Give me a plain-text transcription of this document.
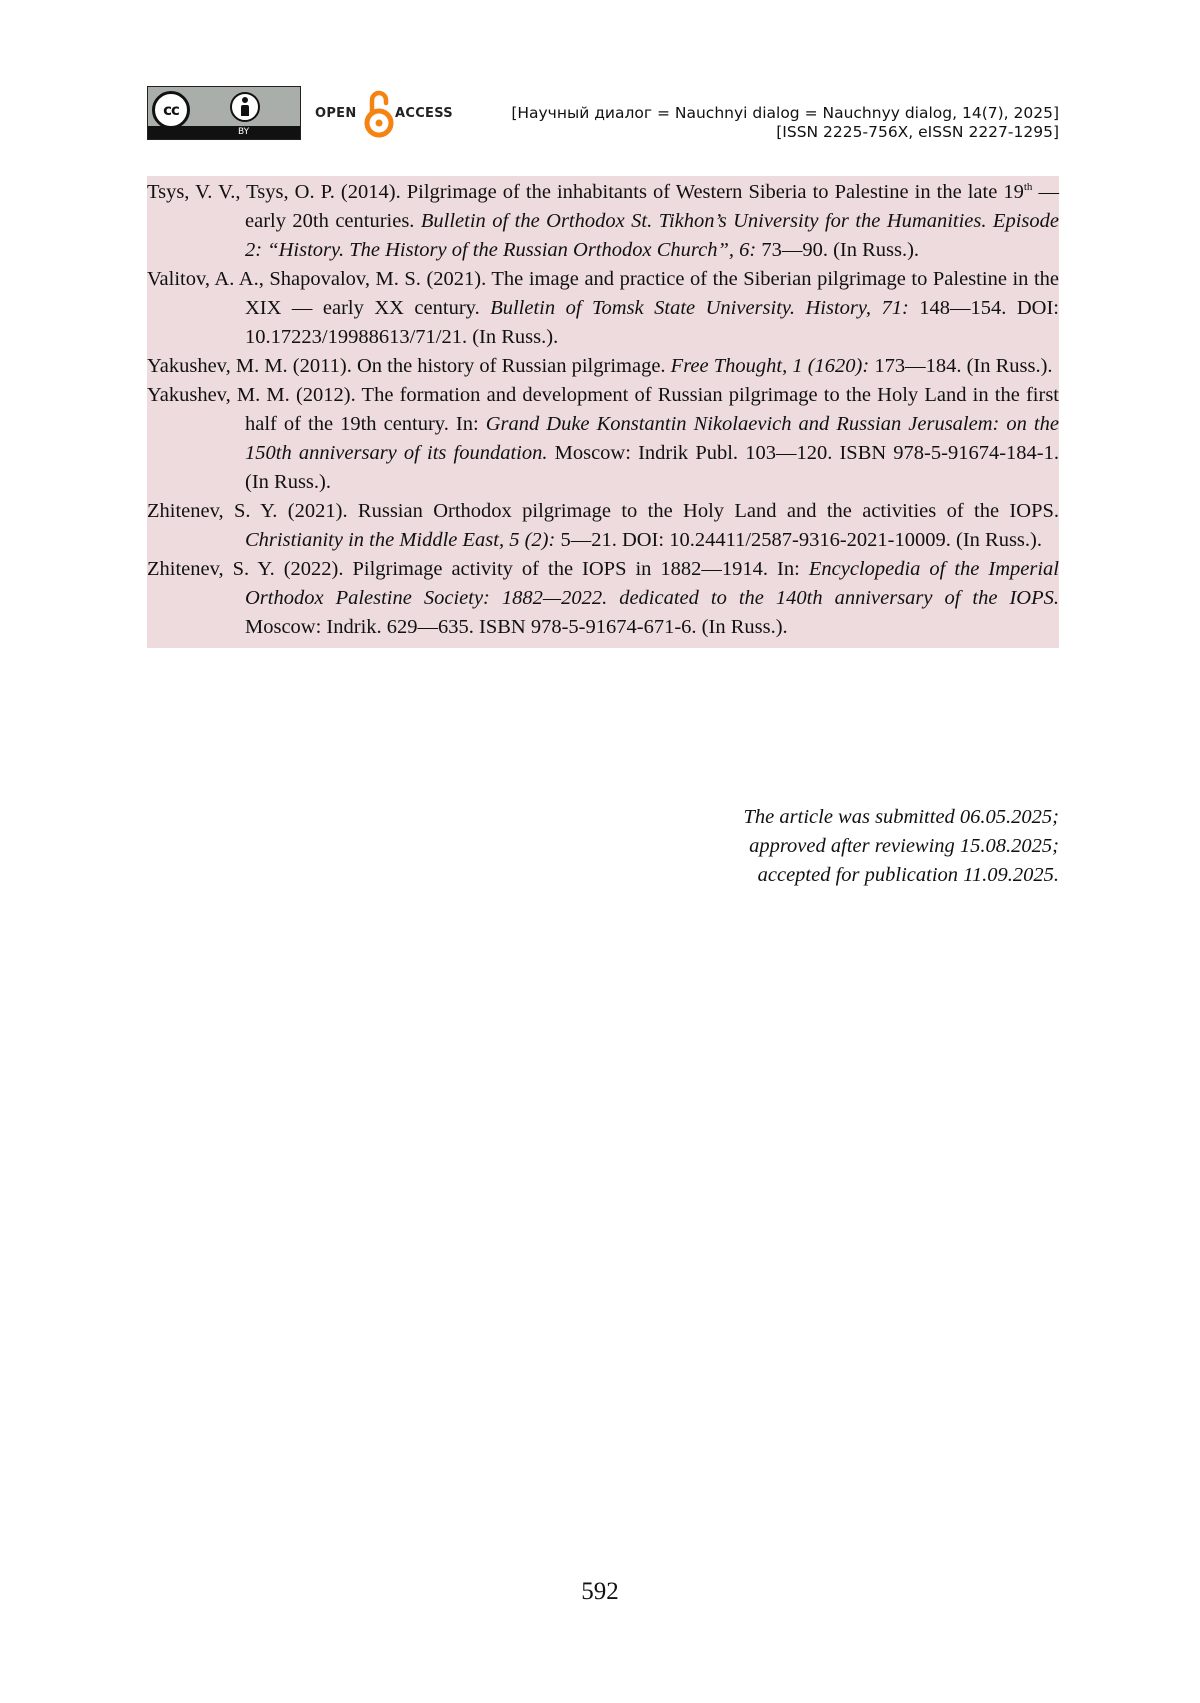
cc
BY
OPEN	ACCESS	[Научный диалог = Nauchnyi dialog = Nauchnyy dialog, 14(7), 2025]
[ISSN 2225-756X, eISSN 2227-1295]
Tsys, V. V., Tsys, O. P. (2014). Pilgrimage of the inhabitants of Western Siberia to Palestine in the late 19th — early 20th centuries. Bulletin of the Orthodox St. Tikhon’s University for the Humanities. Episode 2: “History. The History of the Russian Orthodox Church”, 6: 73—90. (In Russ.).
Valitov, A. A., Shapovalov, M. S. (2021). The image and practice of the Siberian pilgrimage to Palestine in the XIX — early XX century. Bulletin of Tomsk State University. History, 71: 148—154. DOI: 10.17223/19988613/71/21. (In Russ.).
Yakushev, M. M. (2011). On the history of Russian pilgrimage. Free Thought, 1 (1620): 173—184. (In Russ.).
Yakushev, M. M. (2012). The formation and development of Russian pilgrimage to the Holy Land in the first half of the 19th century. In: Grand Duke Konstantin Nikolaevich and Russian Jerusalem: on the 150th anniversary of its foundation. Moscow: Indrik Publ. 103—120. ISBN 978-5-91674-184-1. (In Russ.).
Zhitenev, S. Y. (2021). Russian Orthodox pilgrimage to the Holy Land and the activities of the IOPS. Christianity in the Middle East, 5 (2): 5—21. DOI: 10.24411/2587-9316-2021-10009. (In Russ.).
Zhitenev, S. Y. (2022). Pilgrimage activity of the IOPS in 1882—1914. In: Encyclopedia of the Imperial Orthodox Palestine Society: 1882—2022. dedicated to the 140th anniversary of the IOPS. Moscow: Indrik. 629—635. ISBN 978-5-91674-671-6. (In Russ.).
The article was submitted 06.05.2025;
approved after reviewing 15.08.2025;
accepted for publication 11.09.2025.
592
